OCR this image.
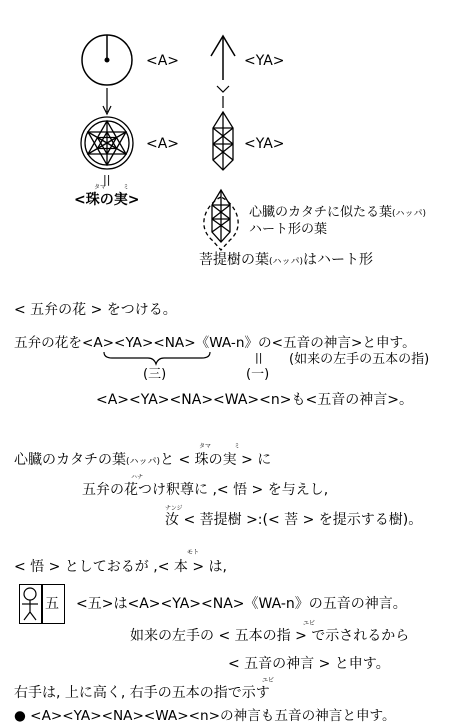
<A>	<YA>
<A>	<YA>
||
タマ	ミ
<珠の実>
心臓のカタチに似たる葉(ハッパ)
ハート形の葉
菩提樹の葉(ハッパ)はハート形
< 五弁の花 > をつける。
五弁の花を<A><YA><NA>《WA-n》の<五音の神言>と申す。
(三)
||
(一)
(如来の左手の五本の指)
<A><YA><NA><WA><n>も<五音の神言>。
タマ	ミ
心臓のカタチの葉(ハッパ)と < 珠の実 > に
ハナ
五弁の花つけ釈尊に ,< 悟 > を与えし,
ナンジ
汝 < 菩提樹 >:(< 菩 > を提示する樹)。
モト
< 悟 > としておるが ,< 本 > は,
五 <五>は<A><YA><NA>《WA-n》の五音の神言。
ユビ
如来の左手の < 五本の指 > で示されるから
< 五音の神言 > と申す。
ユビ
右手は, 上に高く, 右手の五本の指で示す
● <A><YA><NA><WA><n>の神言も五音の神言と申す。
